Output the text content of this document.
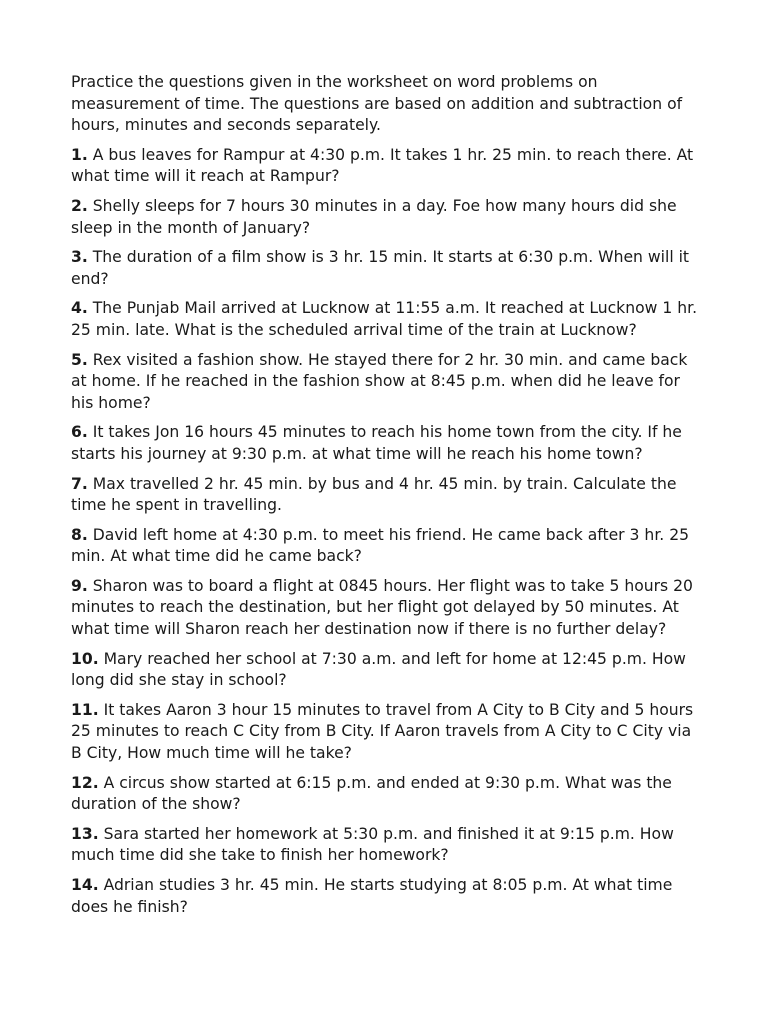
Practice the questions given in the worksheet on word problems on measurement of time. The questions are based on addition and subtraction of hours, minutes and seconds separately.

1. A bus leaves for Rampur at 4:30 p.m. It takes 1 hr. 25 min. to reach there. At what time will it reach at Rampur?

2. Shelly sleeps for 7 hours 30 minutes in a day. Foe how many hours did she sleep in the month of January?

3. The duration of a film show is 3 hr. 15 min. It starts at 6:30 p.m. When will it end?

4. The Punjab Mail arrived at Lucknow at 11:55 a.m. It reached at Lucknow 1 hr. 25 min. late. What is the scheduled arrival time of the train at Lucknow?

5. Rex visited a fashion show. He stayed there for 2 hr. 30 min. and came back at home. If he reached in the fashion show at 8:45 p.m. when did he leave for his home?

6. It takes Jon 16 hours 45 minutes to reach his home town from the city. If he starts his journey at 9:30 p.m. at what time will he reach his home town?

7. Max travelled 2 hr. 45 min. by bus and 4 hr. 45 min. by train. Calculate the time he spent in travelling.

8. David left home at 4:30 p.m. to meet his friend. He came back after 3 hr. 25 min. At what time did he came back?

9. Sharon was to board a flight at 0845 hours. Her flight was to take 5 hours 20 minutes to reach the destination, but her flight got delayed by 50 minutes. At what time will Sharon reach her destination now if there is no further delay?

10. Mary reached her school at 7:30 a.m. and left for home at 12:45 p.m. How long did she stay in school?

11. It takes Aaron 3 hour 15 minutes to travel from A City to B City and 5 hours 25 minutes to reach C City from B City. If Aaron travels from A City to C City via B City, How much time will he take?

12. A circus show started at 6:15 p.m. and ended at 9:30 p.m. What was the duration of the show?

13. Sara started her homework at 5:30 p.m. and finished it at 9:15 p.m. How much time did she take to finish her homework?

14. Adrian studies 3 hr. 45 min. He starts studying at 8:05 p.m. At what time does he finish?
